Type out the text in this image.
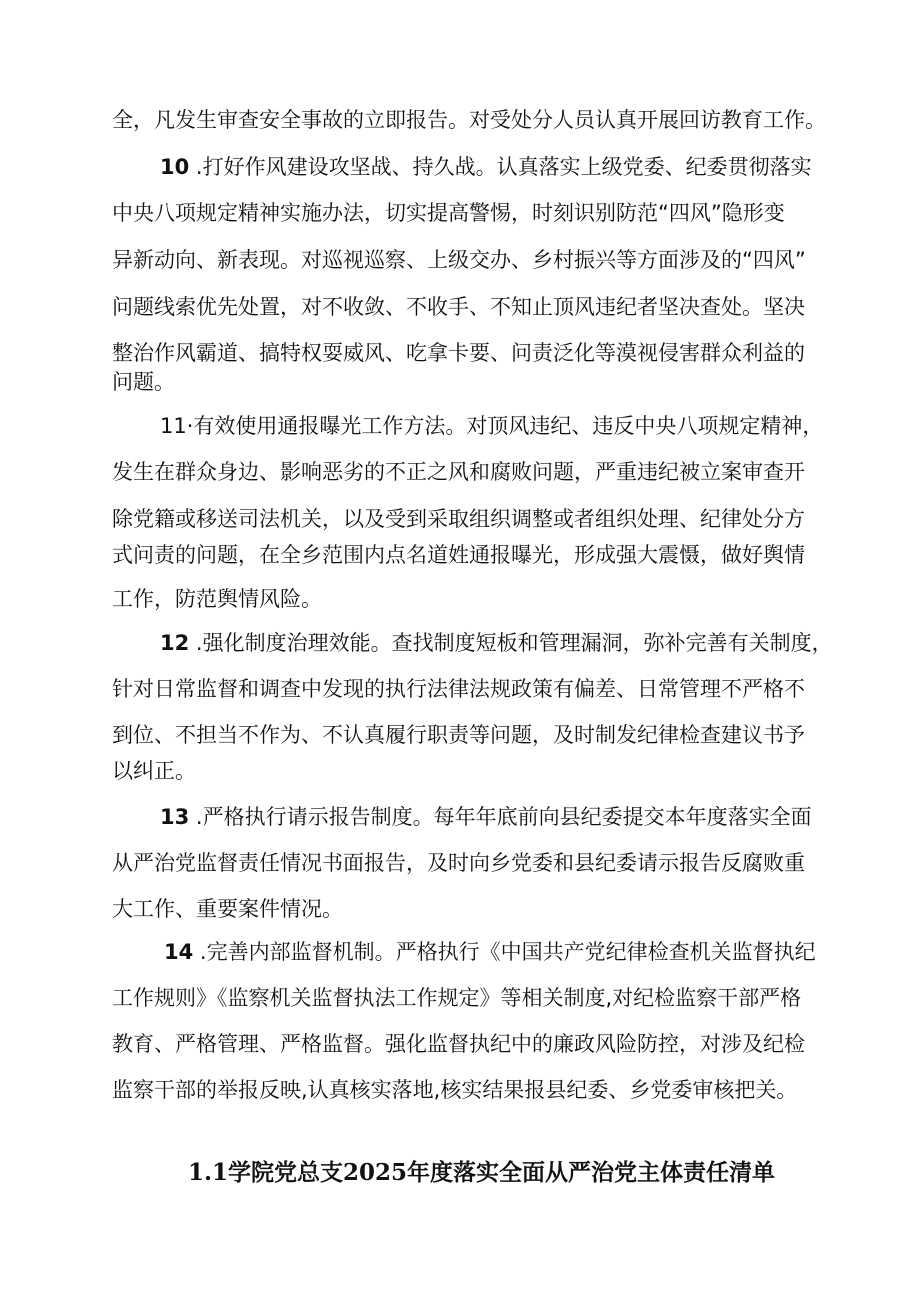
全，凡发生审查安全事故的立即报告。对受处分人员认真开展回访教育工作。
10 .打好作风建设攻坚战、持久战。认真落实上级党委、纪委贯彻落实
中央八项规定精神实施办法，切实提高警惕，时刻识别防范“四风”隐形变
异新动向、新表现。对巡视巡察、上级交办、乡村振兴等方面涉及的“四风”
问题线索优先处置，对不收敛、不收手、不知止顶风违纪者坚决查处。坚决
整治作风霸道、搞特权耍威风、吃拿卡要、问责泛化等漠视侵害群众利益的
问题。
11·有效使用通报曝光工作方法。对顶风违纪、违反中央八项规定精神，
发生在群众身边、影响恶劣的不正之风和腐败问题，严重违纪被立案审查开
除党籍或移送司法机关，以及受到采取组织调整或者组织处理、纪律处分方
式问责的问题，在全乡范围内点名道姓通报曝光，形成强大震慑，做好舆情
工作，防范舆情风险。
12 .强化制度治理效能。查找制度短板和管理漏洞，弥补完善有关制度，
针对日常监督和调查中发现的执行法律法规政策有偏差、日常管理不严格不
到位、不担当不作为、不认真履行职责等问题，及时制发纪律检查建议书予
以纠正。
13 .严格执行请示报告制度。每年年底前向县纪委提交本年度落实全面
从严治党监督责任情况书面报告，及时向乡党委和县纪委请示报告反腐败重
大工作、重要案件情况。
14 .完善内部监督机制。严格执行《中国共产党纪律检查机关监督执纪
工作规则》《监察机关监督执法工作规定》等相关制度,对纪检监察干部严格
教育、严格管理、严格监督。强化监督执纪中的廉政风险防控，对涉及纪检
监察干部的举报反映,认真核实落地,核实结果报县纪委、乡党委审核把关。
1.1学院党总支2025年度落实全面从严治党主体责任清单
